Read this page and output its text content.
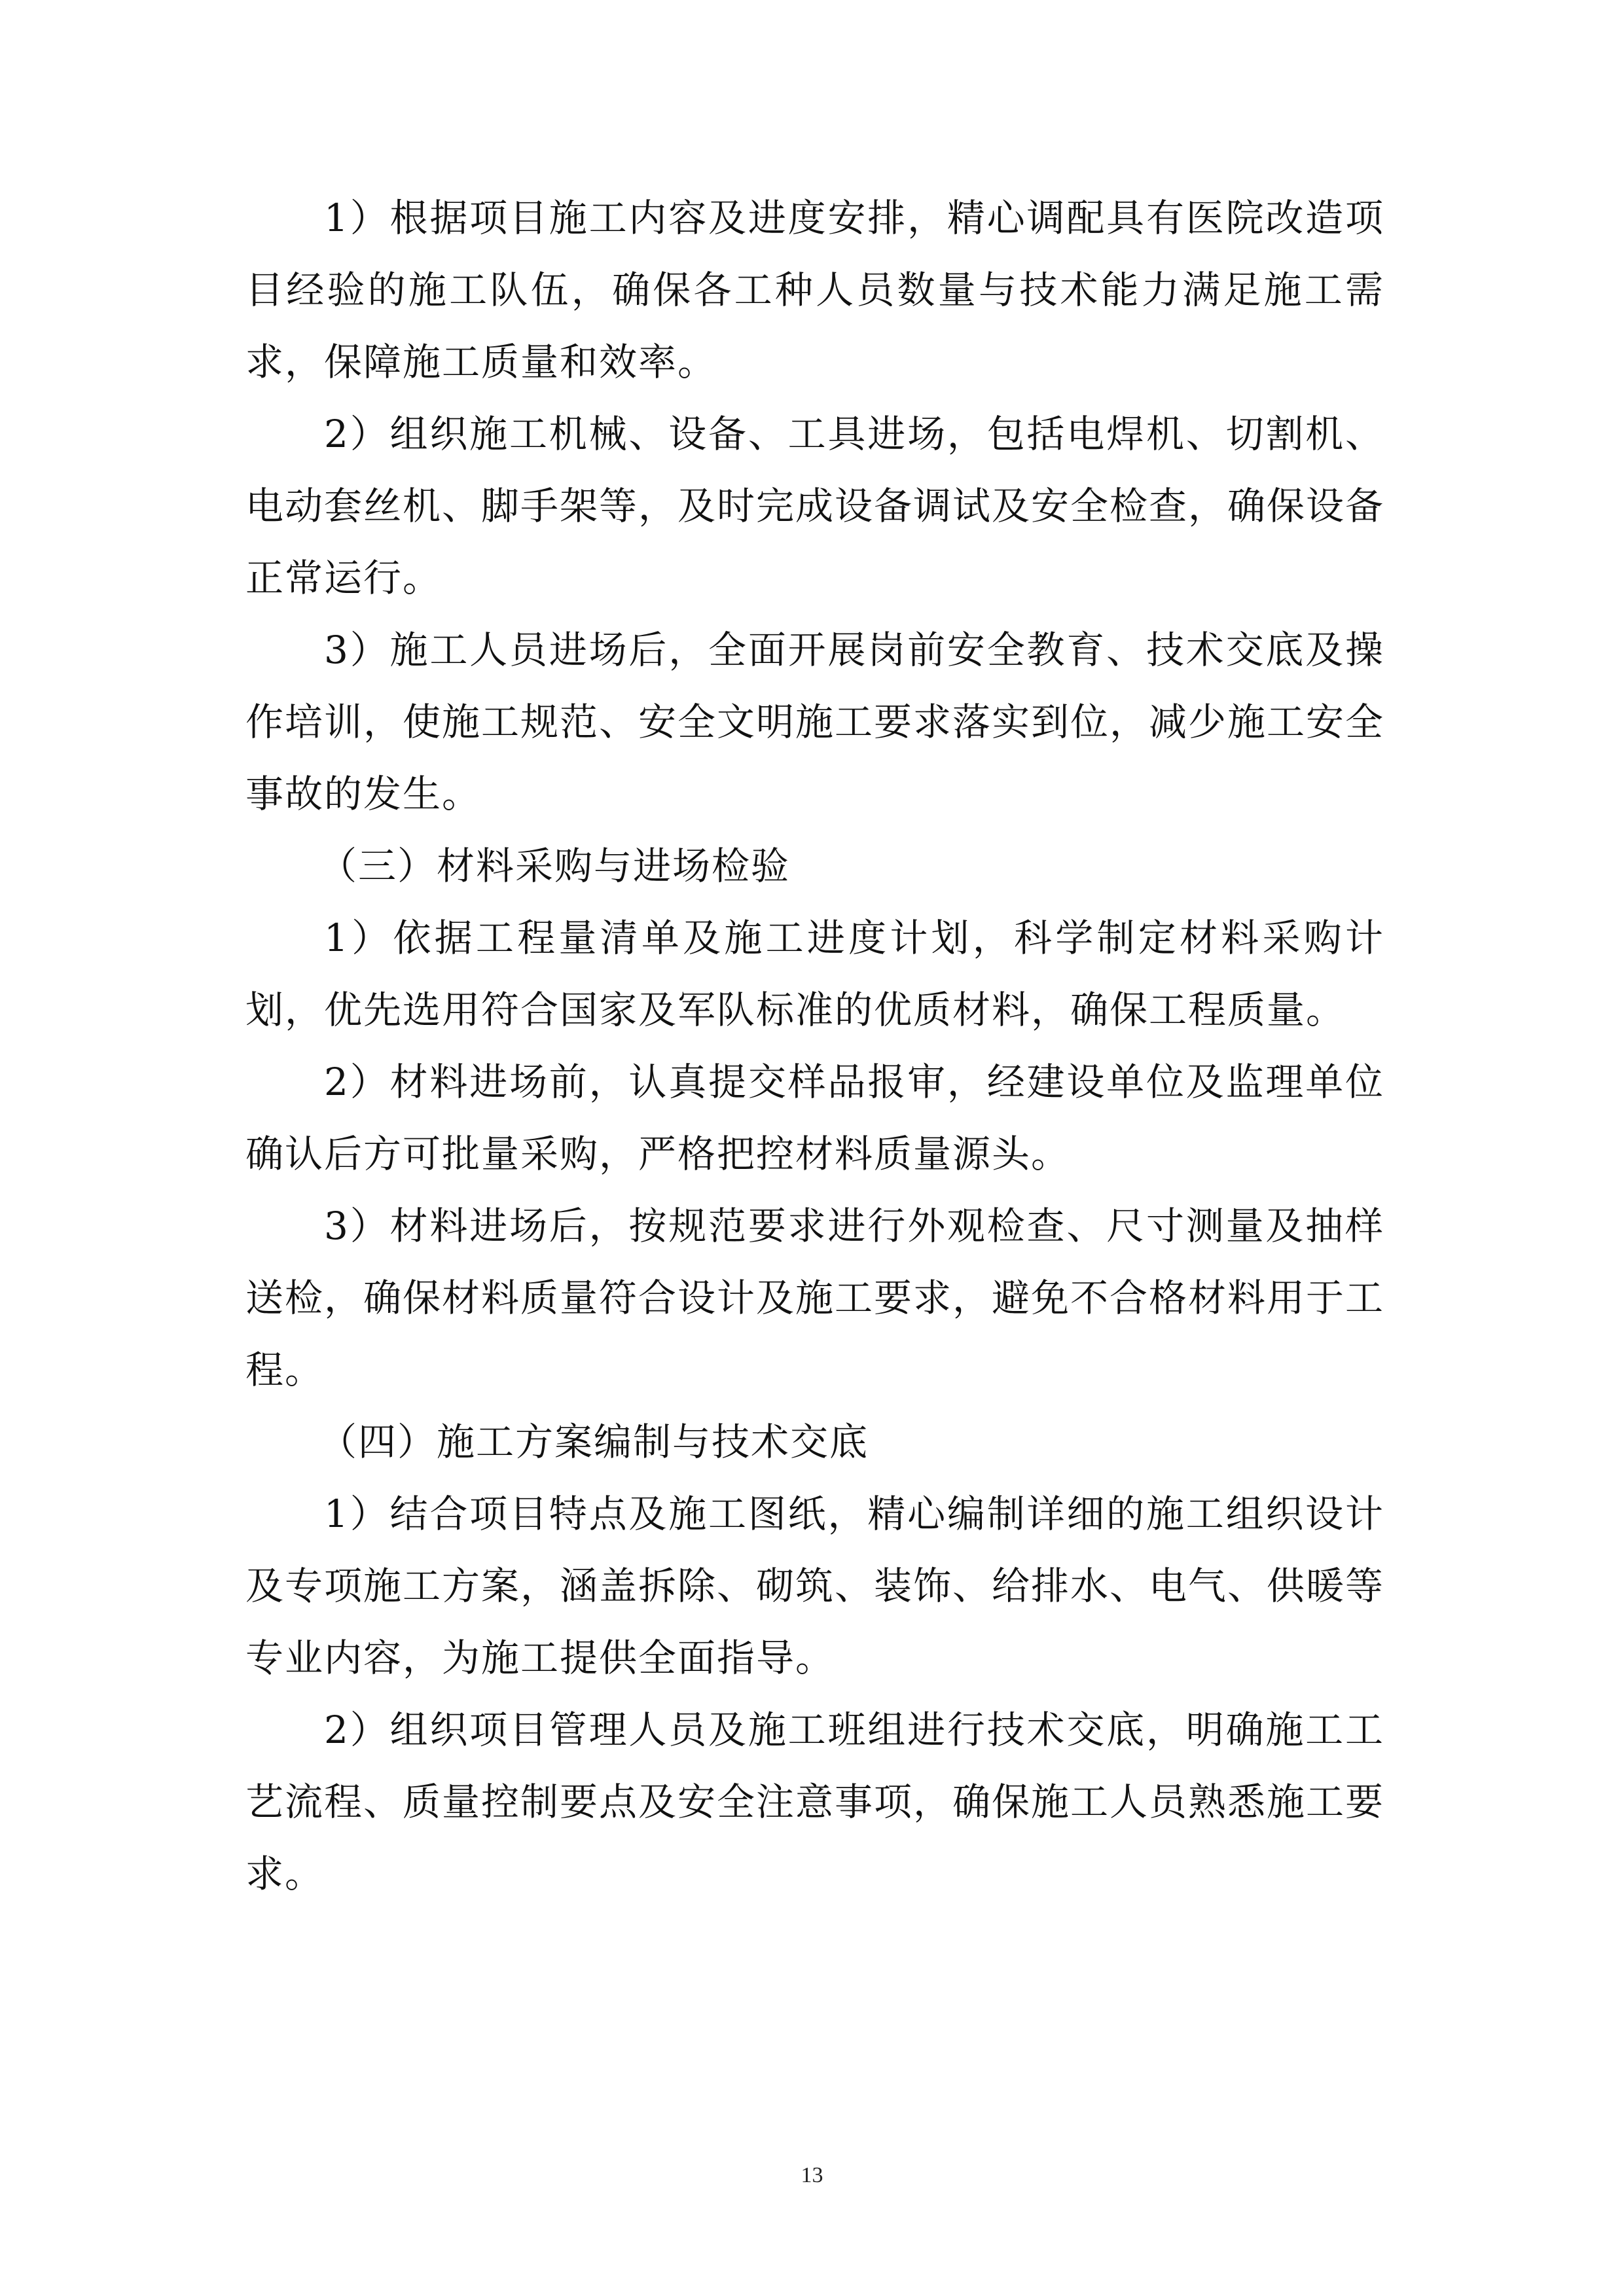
1）根据项目施工内容及进度安排，精心调配具有医院改造项目经验的施工队伍，确保各工种人员数量与技术能力满足施工需求，保障施工质量和效率。

2）组织施工机械、设备、工具进场，包括电焊机、切割机、电动套丝机、脚手架等，及时完成设备调试及安全检查，确保设备正常运行。

3）施工人员进场后，全面开展岗前安全教育、技术交底及操作培训，使施工规范、安全文明施工要求落实到位，减少施工安全事故的发生。

（三）材料采购与进场检验

1）依据工程量清单及施工进度计划，科学制定材料采购计划，优先选用符合国家及军队标准的优质材料，确保工程质量。

2）材料进场前，认真提交样品报审，经建设单位及监理单位确认后方可批量采购，严格把控材料质量源头。

3）材料进场后，按规范要求进行外观检查、尺寸测量及抽样送检，确保材料质量符合设计及施工要求，避免不合格材料用于工程。

（四）施工方案编制与技术交底

1）结合项目特点及施工图纸，精心编制详细的施工组织设计及专项施工方案，涵盖拆除、砌筑、装饰、给排水、电气、供暖等专业内容，为施工提供全面指导。

2）组织项目管理人员及施工班组进行技术交底，明确施工工艺流程、质量控制要点及安全注意事项，确保施工人员熟悉施工要求。

13
